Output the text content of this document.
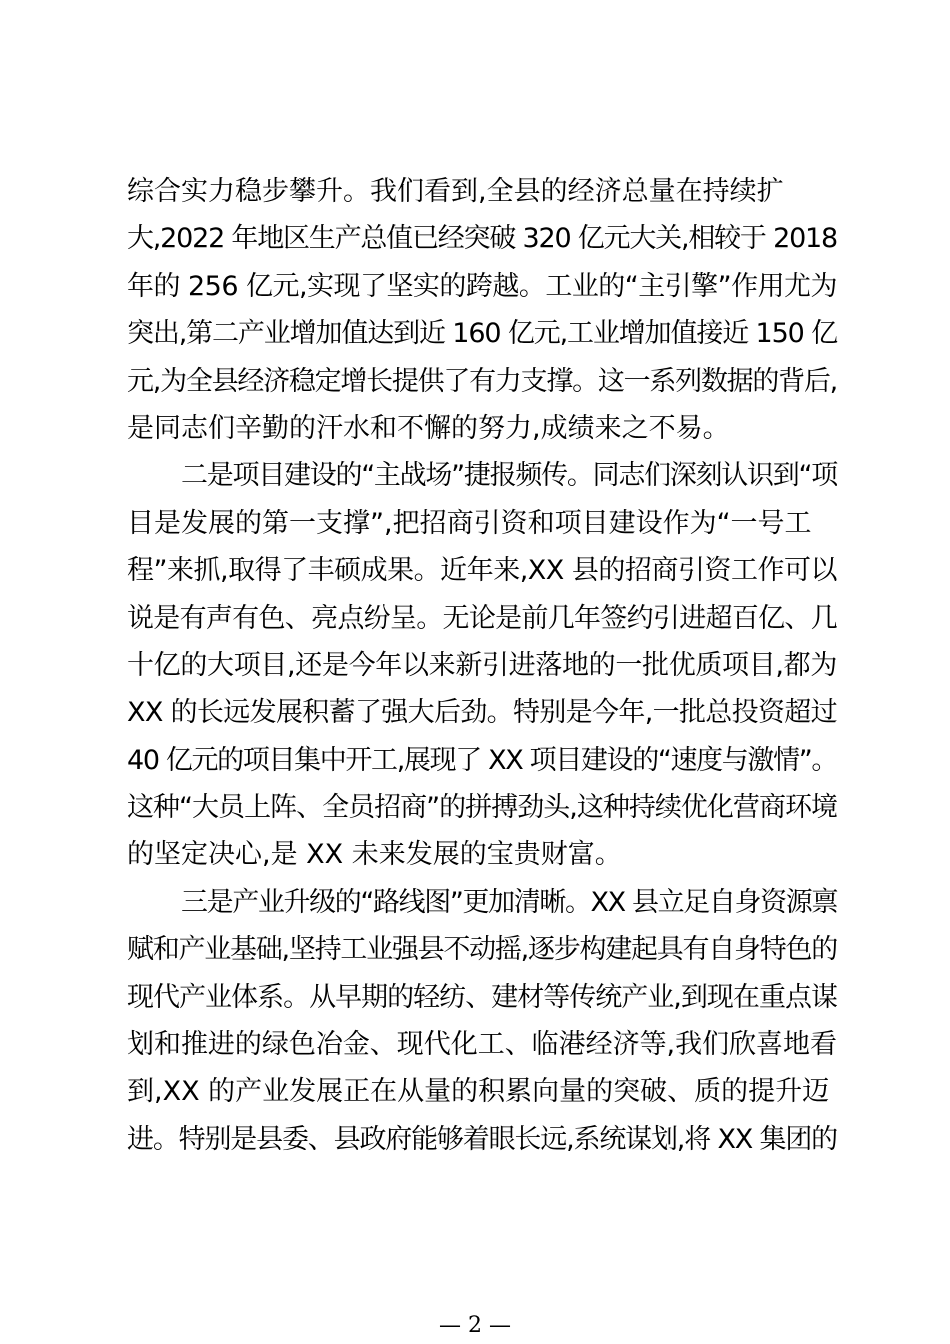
综合实力稳步攀升。我们看到,全县的经济总量在持续扩
大,2022 年地区生产总值已经突破 320 亿元大关,相较于 2018
年的 256 亿元,实现了坚实的跨越。工业的“主引擎”作用尤为
突出,第二产业增加值达到近 160 亿元,工业增加值接近 150 亿
元,为全县经济稳定增长提供了有力支撑。这一系列数据的背后,
是同志们辛勤的汗水和不懈的努力,成绩来之不易。
二是项目建设的“主战场”捷报频传。同志们深刻认识到“项
目是发展的第一支撑”,把招商引资和项目建设作为“一号工
程”来抓,取得了丰硕成果。近年来,XX 县的招商引资工作可以
说是有声有色、亮点纷呈。无论是前几年签约引进超百亿、几
十亿的大项目,还是今年以来新引进落地的一批优质项目,都为
XX 的长远发展积蓄了强大后劲。特别是今年,一批总投资超过
40 亿元的项目集中开工,展现了 XX 项目建设的“速度与激情”。
这种“大员上阵、全员招商”的拼搏劲头,这种持续优化营商环境
的坚定决心,是 XX 未来发展的宝贵财富。
三是产业升级的“路线图”更加清晰。XX 县立足自身资源禀
赋和产业基础,坚持工业强县不动摇,逐步构建起具有自身特色的
现代产业体系。从早期的轻纺、建材等传统产业,到现在重点谋
划和推进的绿色冶金、现代化工、临港经济等,我们欣喜地看
到,XX 的产业发展正在从量的积累向量的突破、质的提升迈
进。特别是县委、县政府能够着眼长远,系统谋划,将 XX 集团的
— 2 —
